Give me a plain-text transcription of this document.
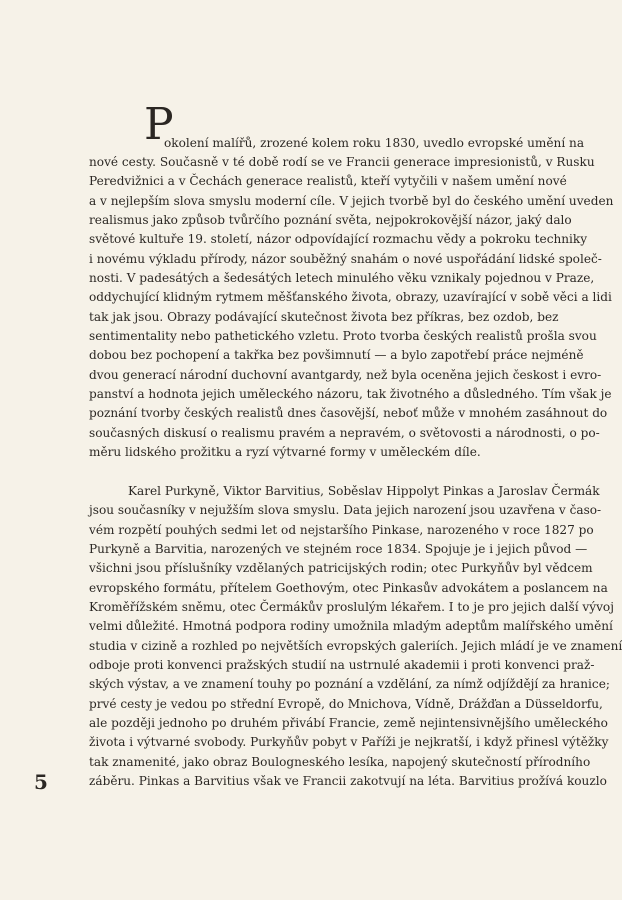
P
okolení malířů, zrozené kolem roku 1830, uvedlo evropské umění na
nové cesty. Současně v té době rodí se ve Francii generace impresionistů, v Rusku
Peredvižnici a v Čechách generace realistů, kteří vytyčili v našem umění nové
a v nejlepším slova smyslu moderní cíle. V jejich tvorbě byl do českého umění uveden
realismus jako způsob tvůrčího poznání světa, nejpokrokovější názor, jaký dalo
světové kultuře 19. století, názor odpovídající rozmachu vědy a pokroku techniky
i novému výkladu přírody, názor souběžný snahám o nové uspořádání lidské společ-
nosti. V padesátých a šedesátých letech minulého věku vznikaly pojednou v Praze,
oddychující klidným rytmem měšťanského života, obrazy, uzavírající v sobě věci a lidi
tak jak jsou. Obrazy podávající skutečnost života bez příkras, bez ozdob, bez
sentimentality nebo pathetického vzletu. Proto tvorba českých realistů prošla svou
dobou bez pochopení a takřka bez povšimnutí — a bylo zapotřebí práce nejméně
dvou generací národní duchovní avantgardy, než byla oceněna jejich českost i evro-
panství a hodnota jejich uměleckého názoru, tak životného a důsledného. Tím však je
poznání tvorby českých realistů dnes časovější, neboť může v mnohém zasáhnout do
současných diskusí o realismu pravém a nepravém, o světovosti a národnosti, o po-
měru lidského prožitku a ryzí výtvarné formy v uměleckém díle.
Karel Purkyně, Viktor Barvitius, Soběslav Hippolyt Pinkas a Jaroslav Čermák
jsou současníky v nejužším slova smyslu. Data jejich narození jsou uzavřena v časo-
vém rozpětí pouhých sedmi let od nejstaršího Pinkase, narozeného v roce 1827 po
Purkyně a Barvitia, narozených ve stejném roce 1834. Spojuje je i jejich původ —
všichni jsou příslušníky vzdělaných patricijských rodin; otec Purkyňův byl vědcem
evropského formátu, přítelem Goethovým, otec Pinkasův advokátem a poslancem na
Kroměřížském sněmu, otec Čermákův proslulým lékařem. I to je pro jejich další vývoj
velmi důležité. Hmotná podpora rodiny umožnila mladým adeptům malířského umění
studia v cizině a rozhled po největších evropských galeriích. Jejich mládí je ve znamení
odboje proti konvenci pražských studií na ustrnulé akademii i proti konvenci praž-
ských výstav, a ve znamení touhy po poznání a vzdělání, za nímž odjíždějí za hranice;
prvé cesty je vedou po střední Evropě, do Mnichova, Vídně, Drážďan a Düsseldorfu,
ale později jednoho po druhém přivábí Francie, země nejintensivnějšího uměleckého
života i výtvarné svobody. Purkyňův pobyt v Paříži je nejkratší, i když přinesl výtěžky
tak znamenité, jako obraz Boulogneského lesíka, napojený skutečností přírodního
záběru. Pinkas a Barvitius však ve Francii zakotvují na léta. Barvitius prožívá kouzlo
5
